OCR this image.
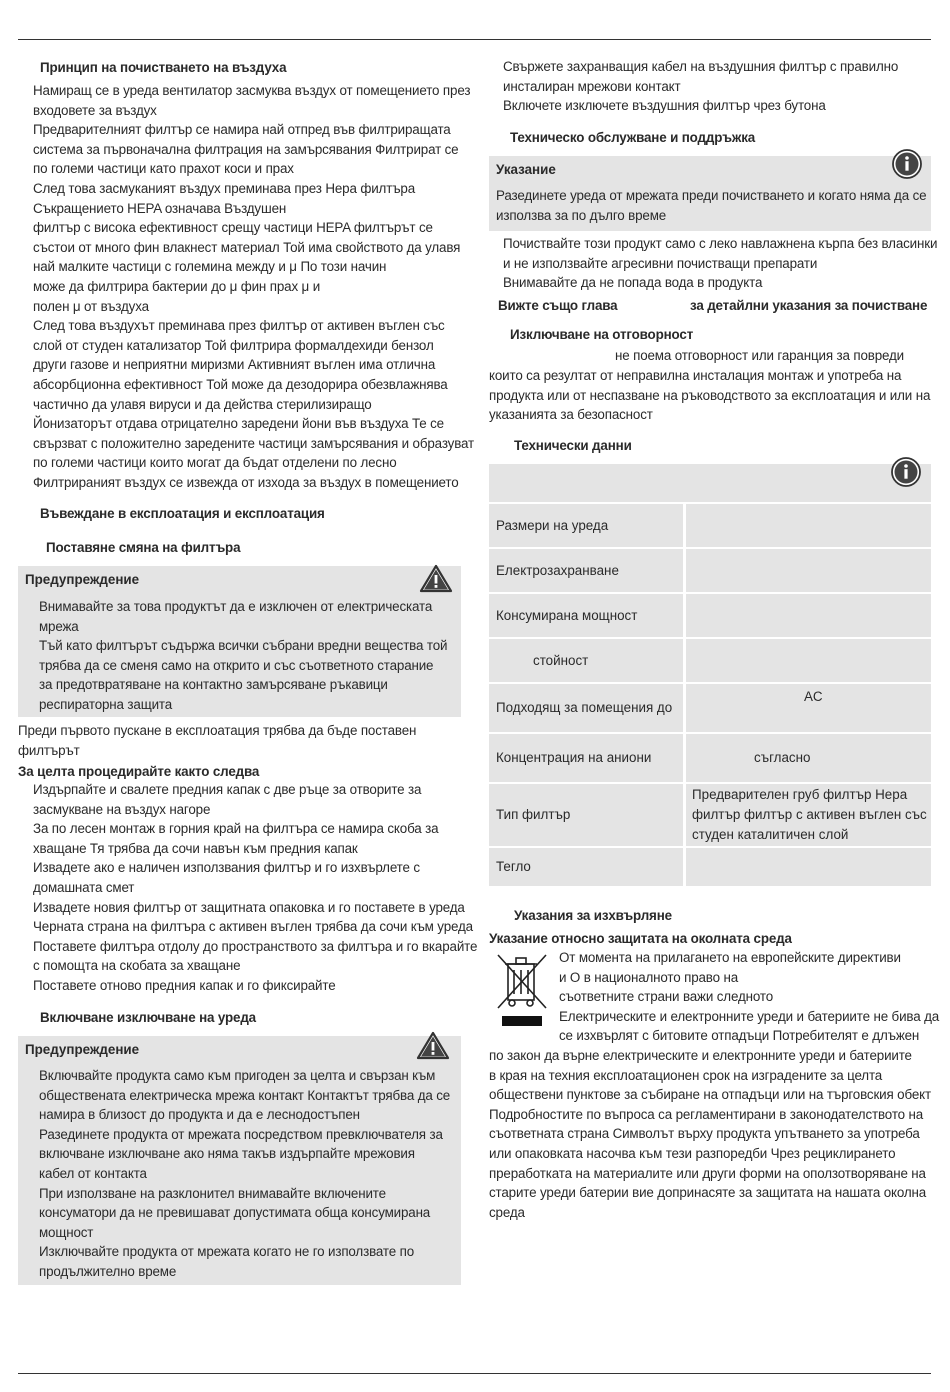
Принцип на почистването на въздуха
Намиращ се в уреда вентилатор засмуква въздух от помещението през
входовете за въздух
Предварителният филтър се намира най отпред във филтриращата
система за първоначална филтрация на замърсявания Филтрират се
по големи частици като прахот коси и прах
След това засмуканият въздух преминава през Hepa филтъра
Съкращението HEPA означава Въздушен
филтър с висока ефективност срещу частици HEPA филтърът се
състои от много фин влакнест материал Той има свойството да улавя
най малките частици с големина между и μ По този начин
може да филтрира бактерии до μ фин прах μ и
полен μ от въздуха
След това въздухът преминава през филтър от активен въглен със
слой от студен катализатор Той филтрира формалдехиди бензол
други газове и неприятни миризми Активният въглен има отлична
абсорбционна ефективност Той може да дезодорира обезвлажнява
частично да улавя вируси и да действа стерилизиращо
Йонизаторът отдава отрицателно заредени йони във въздуха Те се
свързват с положително заредените частици замърсявания и образуват
по големи частици които могат да бъдат отделени по лесно
Филтрираният въздух се извежда от изхода за въздух в помещението
Въвеждане в експлоатация и експлоатация
Поставяне смяна на филтъра
Предупреждение
Внимавайте за това продуктът да е изключен от електрическата
мрежа
Тъй като филтърът съдържа всички събрани вредни вещества той
трябва да се сменя само на открито и със съответното старание
за предотвратяване на контактно замърсяване ръкавици
респираторна защита
Преди първото пускане в експлоатация трябва да бъде поставен
филтърът
За целта процедирайте както следва
Издърпайте и свалете предния капак с две ръце за отворите за
засмукване на въздух нагоре
За по лесен монтаж в горния край на филтъра се намира скоба за
хващане Тя трябва да сочи навън към предния капак
Извадете ако е наличен използвания филтър и го изхвърлете с
домашната смет
Извадете новия филтър от защитната опаковка и го поставете в уреда
Черната страна на филтъра с активен въглен трябва да сочи към уреда
Поставете филтъра отдолу до пространството за филтъра и го вкарайте
с помощта на скобата за хващане
Поставете отново предния капак и го фиксирайте
Включване изключване на уреда
Предупреждение
Включвайте продукта само към пригоден за целта и свързан към
обществената електрическа мрежа контакт Контактът трябва да се
намира в близост до продукта и да е леснодостъпен
Разединете продукта от мрежата посредством превключвателя за
включване изключване ако няма такъв издърпайте мрежовия
кабел от контакта
При използване на разклонител внимавайте включените
консуматори да не превишават допустимата обща консумирана
мощност
Изключвайте продукта от мрежата когато не го използвате по
продължително време
Свържете захранващия кабел на въздушния филтър с правилно
инсталиран мрежови контакт
Включете изключете въздушния филтър чрез бутона
Техническо обслужване и поддръжка
Указание
Разединете уреда от мрежата преди почистването и когато няма да се
използва за по дълго време
Почиствайте този продукт само с леко навлажнена кърпа без власинки
и не използвайте агресивни почистващи препарати
Внимавайте да не попада вода в продукта
Вижте също глава	за детайлни указания за почистване
Изключване на отговорност
не поема отговорност или гаранция за повреди
които са резултат от неправилна инсталация монтаж и употреба на
продукта или от неспазване на ръководството за експлоатация и или на
указанията за безопасност
Технически данни
Размери на уреда
Електрозахранване
Консумирана мощност
стойност
Подходящ за помещения до
AC
Концентрация на аниони	съгласно
Тип филтър
Предварителен груб филтър Hepa
филтър филтър с активен въглен със
студен каталитичен слой
Тегло
Указания за изхвърляне
Указание относно защитата на околната среда
От момента на прилагането на европейските директиви
и О в националното право на
съответните страни важи следното
Електрическите и електронните уреди и батериите не бива да
се изхвърлят с битовите отпадъци Потребителят е длъжен
по закон да върне електрическите и електронните уреди и батериите
в края на техния експлоатационен срок на изградените за целта
обществени пунктове за събиране на отпадъци или на търговския обект
Подробностите по въпроса са регламентирани в законодателството на
съответната страна Символът върху продукта упътването за употреба
или опаковката насочва към тези разпоредби Чрез рециклирането
преработката на материалите или други форми на оползотворяване на
старите уреди батерии вие допринасяте за защитата на нашата околна
среда
